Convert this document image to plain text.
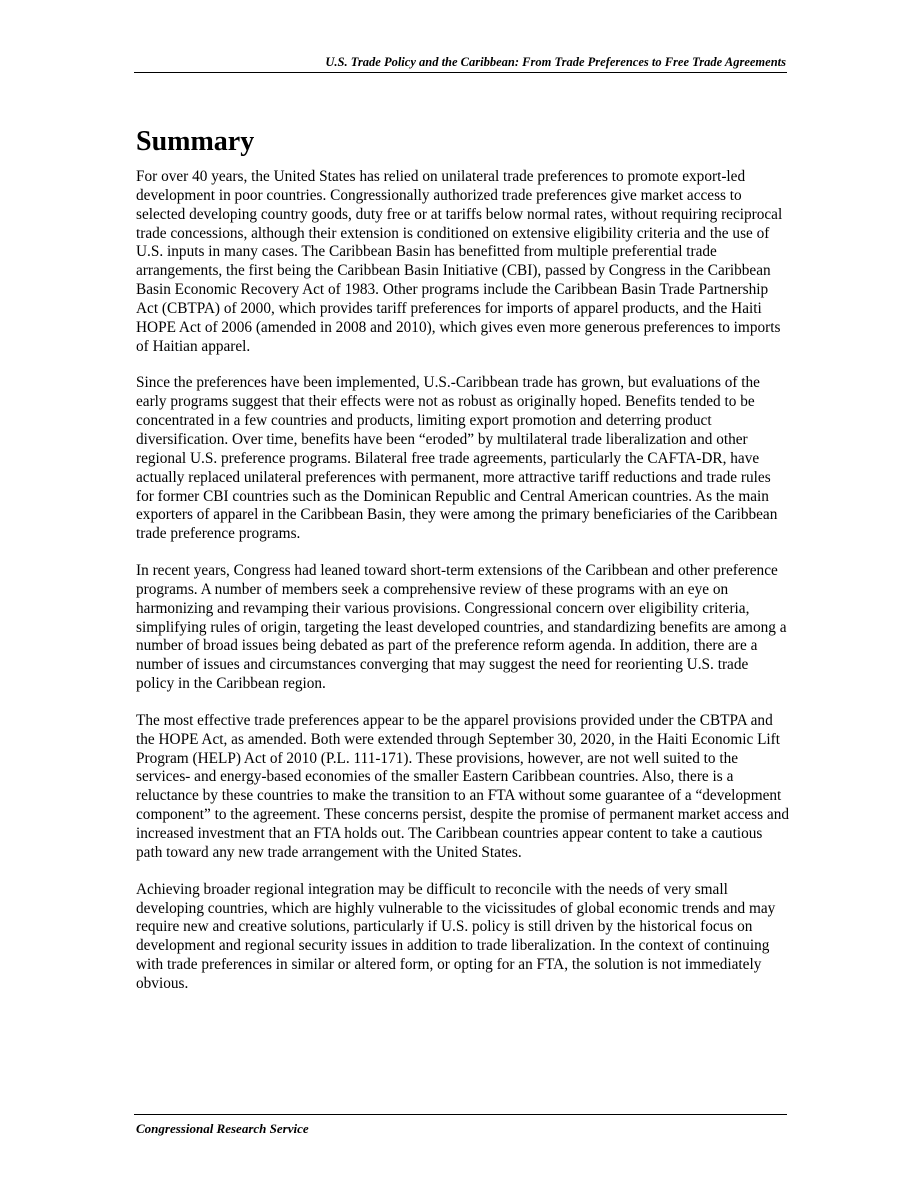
U.S. Trade Policy and the Caribbean: From Trade Preferences to Free Trade Agreements
Summary

For over 40 years, the United States has relied on unilateral trade preferences to promote export-led development in poor countries. Congressionally authorized trade preferences give market access to selected developing country goods, duty free or at tariffs below normal rates, without requiring reciprocal trade concessions, although their extension is conditioned on extensive eligibility criteria and the use of U.S. inputs in many cases. The Caribbean Basin has benefitted from multiple preferential trade arrangements, the first being the Caribbean Basin Initiative (CBI), passed by Congress in the Caribbean Basin Economic Recovery Act of 1983. Other programs include the Caribbean Basin Trade Partnership Act (CBTPA) of 2000, which provides tariff preferences for imports of apparel products, and the Haiti HOPE Act of 2006 (amended in 2008 and 2010), which gives even more generous preferences to imports of Haitian apparel.

Since the preferences have been implemented, U.S.-Caribbean trade has grown, but evaluations of the early programs suggest that their effects were not as robust as originally hoped. Benefits tended to be concentrated in a few countries and products, limiting export promotion and deterring product diversification. Over time, benefits have been “eroded” by multilateral trade liberalization and other regional U.S. preference programs. Bilateral free trade agreements, particularly the CAFTA-DR, have actually replaced unilateral preferences with permanent, more attractive tariff reductions and trade rules for former CBI countries such as the Dominican Republic and Central American countries. As the main exporters of apparel in the Caribbean Basin, they were among the primary beneficiaries of the Caribbean trade preference programs.

In recent years, Congress had leaned toward short-term extensions of the Caribbean and other preference programs. A number of members seek a comprehensive review of these programs with an eye on harmonizing and revamping their various provisions. Congressional concern over eligibility criteria, simplifying rules of origin, targeting the least developed countries, and standardizing benefits are among a number of broad issues being debated as part of the preference reform agenda. In addition, there are a number of issues and circumstances converging that may suggest the need for reorienting U.S. trade policy in the Caribbean region.

The most effective trade preferences appear to be the apparel provisions provided under the CBTPA and the HOPE Act, as amended. Both were extended through September 30, 2020, in the Haiti Economic Lift Program (HELP) Act of 2010 (P.L. 111-171). These provisions, however, are not well suited to the services- and energy-based economies of the smaller Eastern Caribbean countries. Also, there is a reluctance by these countries to make the transition to an FTA without some guarantee of a “development component” to the agreement. These concerns persist, despite the promise of permanent market access and increased investment that an FTA holds out. The Caribbean countries appear content to take a cautious path toward any new trade arrangement with the United States.

Achieving broader regional integration may be difficult to reconcile with the needs of very small developing countries, which are highly vulnerable to the vicissitudes of global economic trends and may require new and creative solutions, particularly if U.S. policy is still driven by the historical focus on development and regional security issues in addition to trade liberalization. In the context of continuing with trade preferences in similar or altered form, or opting for an FTA, the solution is not immediately obvious.

Congressional Research Service
